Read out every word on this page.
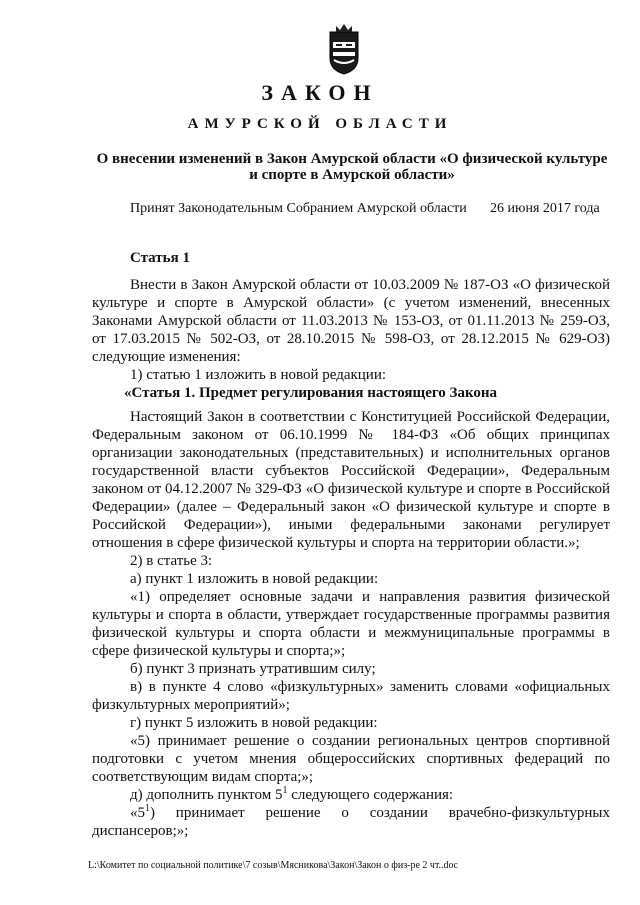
ЗАКОН
АМУРСКОЙ ОБЛАСТИ
О внесении изменений в Закон Амурской области «О физической культуре и спорте в Амурской области»
Принят Законодательным Собранием Амурской области 26 июня 2017 года
Статья 1

Внести в Закон Амурской области от 10.03.2009 № 187-ОЗ «О физической культуре и спорте в Амурской области» (с учетом изменений, внесенных Законами Амурской области от 11.03.2013 № 153-ОЗ, от 01.11.2013 № 259-ОЗ, от 17.03.2015 № 502-ОЗ, от 28.10.2015 № 598-ОЗ, от 28.12.2015 № 629-ОЗ) следующие изменения:

1) статью 1 изложить в новой редакции:

«Статья 1. Предмет регулирования настоящего Закона

Настоящий Закон в соответствии с Конституцией Российской Федерации, Федеральным законом от 06.10.1999 № 184-ФЗ «Об общих принципах организации законодательных (представительных) и исполнительных органов государственной власти субъектов Российской Федерации», Федеральным законом от 04.12.2007 № 329-ФЗ «О физической культуре и спорте в Российской Федерации» (далее – Федеральный закон «О физической культуре и спорте в Российской Федерации»), иными федеральными законами регулирует отношения в сфере физической культуры и спорта на территории области.»;

2) в статье 3:

а) пункт 1 изложить в новой редакции:

«1) определяет основные задачи и направления развития физической культуры и спорта в области, утверждает государственные программы развития физической культуры и спорта области и межмуниципальные программы в сфере физической культуры и спорта;»;

б) пункт 3 признать утратившим силу;

в) в пункте 4 слово «физкультурных» заменить словами «официальных физкультурных мероприятий»;

г) пункт 5 изложить в новой редакции:

«5) принимает решение о создании региональных центров спортивной подготовки с учетом мнения общероссийских спортивных федераций по соответствующим видам спорта;»;

д) дополнить пунктом $5^1$ следующего содержания:

«$5^1$) принимает решение о создании врачебно-физкультурных диспансеров;»;

L:\Комитет по социальной политике\7 созыв\Мясникова\Закон\Закон о физ-ре 2 чт..doc
